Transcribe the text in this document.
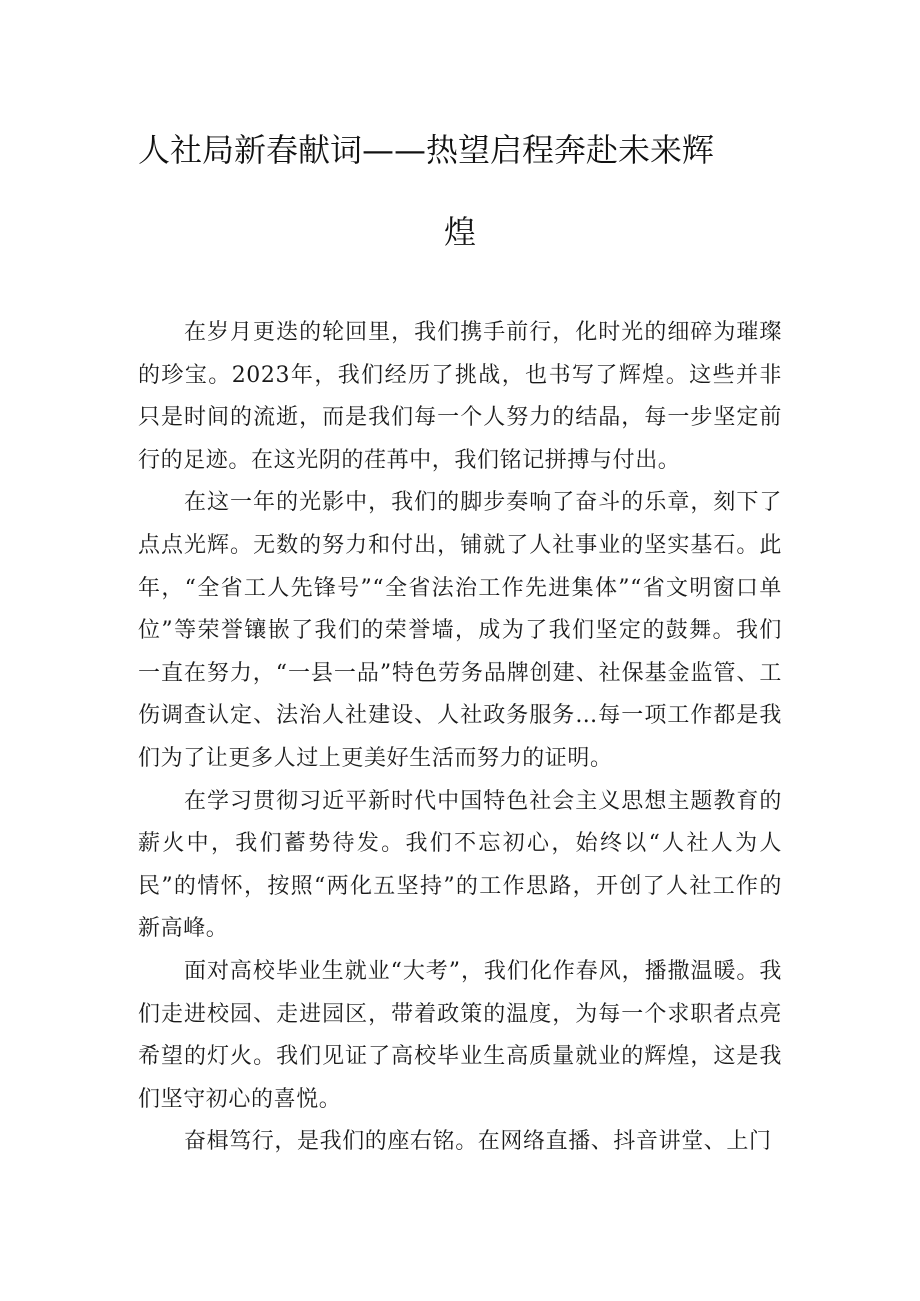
人社局新春献词——热望启程奔赴未来辉
煌

在岁月更迭的轮回里，我们携手前行，化时光的细碎为璀璨的珍宝。2023年，我们经历了挑战，也书写了辉煌。这些并非只是时间的流逝，而是我们每一个人努力的结晶，每一步坚定前行的足迹。在这光阴的荏苒中，我们铭记拼搏与付出。

在这一年的光影中，我们的脚步奏响了奋斗的乐章，刻下了点点光辉。无数的努力和付出，铺就了人社事业的坚实基石。此年，“全省工人先锋号”“全省法治工作先进集体”“省文明窗口单位”等荣誉镶嵌了我们的荣誉墙，成为了我们坚定的鼓舞。我们一直在努力，“一县一品”特色劳务品牌创建、社保基金监管、工伤调查认定、法治人社建设、人社政务服务…每一项工作都是我们为了让更多人过上更美好生活而努力的证明。

在学习贯彻习近平新时代中国特色社会主义思想主题教育的薪火中，我们蓄势待发。我们不忘初心，始终以“人社人为人民”的情怀，按照“两化五坚持”的工作思路，开创了人社工作的新高峰。

面对高校毕业生就业“大考”，我们化作春风，播撒温暖。我们走进校园、走进园区，带着政策的温度，为每一个求职者点亮希望的灯火。我们见证了高校毕业生高质量就业的辉煌，这是我们坚守初心的喜悦。

奋楫笃行，是我们的座右铭。在网络直播、抖音讲堂、上门
